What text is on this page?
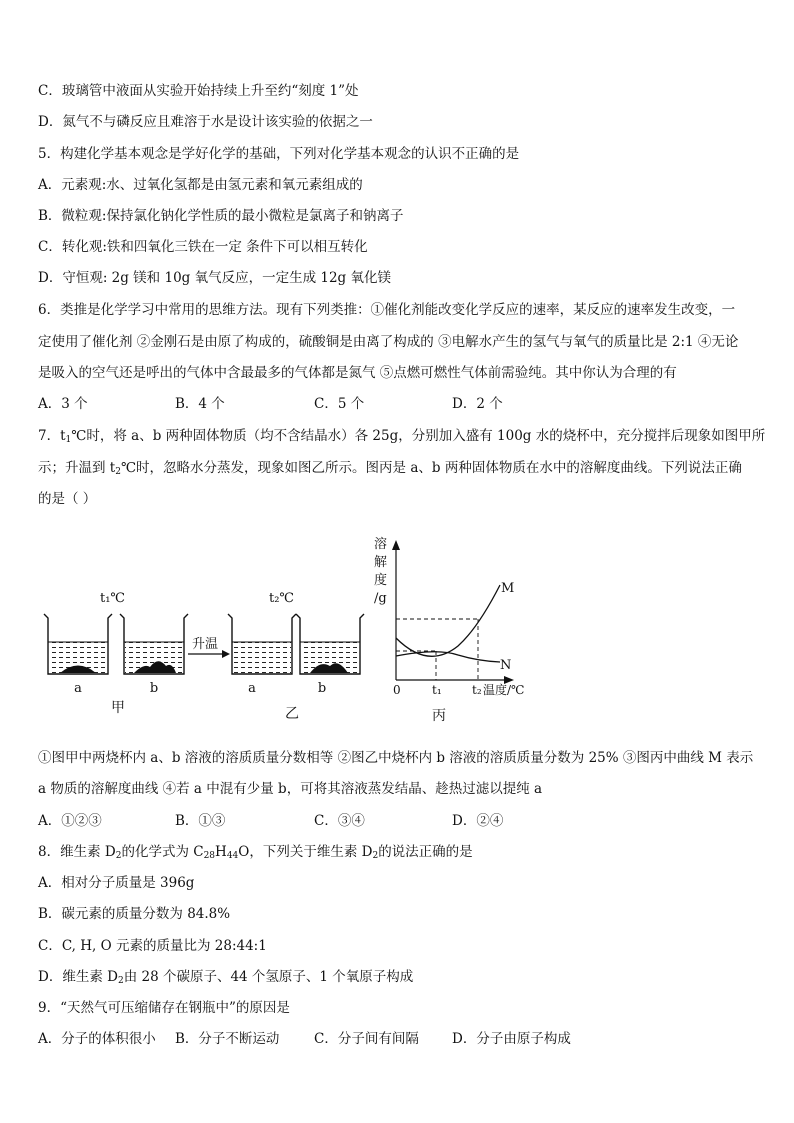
C．玻璃管中液面从实验开始持续上升至约“刻度 1”处
D．氮气不与磷反应且难溶于水是设计该实验的依据之一
5．构建化学基本观念是学好化学的基础，下列对化学基本观念的认识不正确的是
A．元素观:水、过氧化氢都是由氢元素和氧元素组成的
B．微粒观:保持氯化钠化学性质的最小微粒是氯离子和钠离子
C．转化观:铁和四氧化三铁在一定 条件下可以相互转化
D．守恒观: 2g 镁和 10g 氧气反应，一定生成 12g 氧化镁
6．类推是化学学习中常用的思维方法。现有下列类推：①催化剂能改变化学反应的速率，某反应的速率发生改变，一
定使用了催化剂 ②金刚石是由原了构成的，硫酸铜是由离了构成的 ③电解水产生的氢气与氧气的质量比是 2:1 ④无论
是吸入的空气还是呼出的气体中含最最多的气体都是氮气 ⑤点燃可燃性气体前需验纯。其中你认为合理的有
A．3 个	B．4 个	C．5 个	D．2 个
7．$t_1℃$时，将 a、b 两种固体物质（均不含结晶水）各 25g，分别加入盛有 100g 水的烧杯中，充分搅拌后现象如图甲所
示；升温到 $t_2℃$时，忽略水分蒸发，现象如图乙所示。图丙是 a、b 两种固体物质在水中的溶解度曲线。下列说法正确
的是（ ）
t₁℃
a	b
甲
升温
t₂℃
a	b
乙
溶
解
度
/g
M
N
0	t₁	t₂ 温度/℃
丙
①图甲中两烧杯内 a、b 溶液的溶质质量分数相等 ②图乙中烧杯内 b 溶液的溶质质量分数为 25% ③图丙中曲线 M 表示
a 物质的溶解度曲线 ④若 a 中混有少量 b，可将其溶液蒸发结晶、趁热过滤以提纯 a
A．①②③	B．①③	C．③④	D．②④
8．维生素 $D_2$的化学式为 $C_{28}H_{44}O$，下列关于维生素 $D_2$的说法正确的是
A．相对分子质量是 396g
B．碳元素的质量分数为 84.8%
C．C, H, O 元素的质量比为 28:44:1
D．维生素 $D_2$由 28 个碳原子、44 个氢原子、1 个氧原子构成
9．“天然气可压缩储存在钢瓶中”的原因是
A．分子的体积很小 B．分子不断运动	C．分子间有间隔 D．分子由原子构成
